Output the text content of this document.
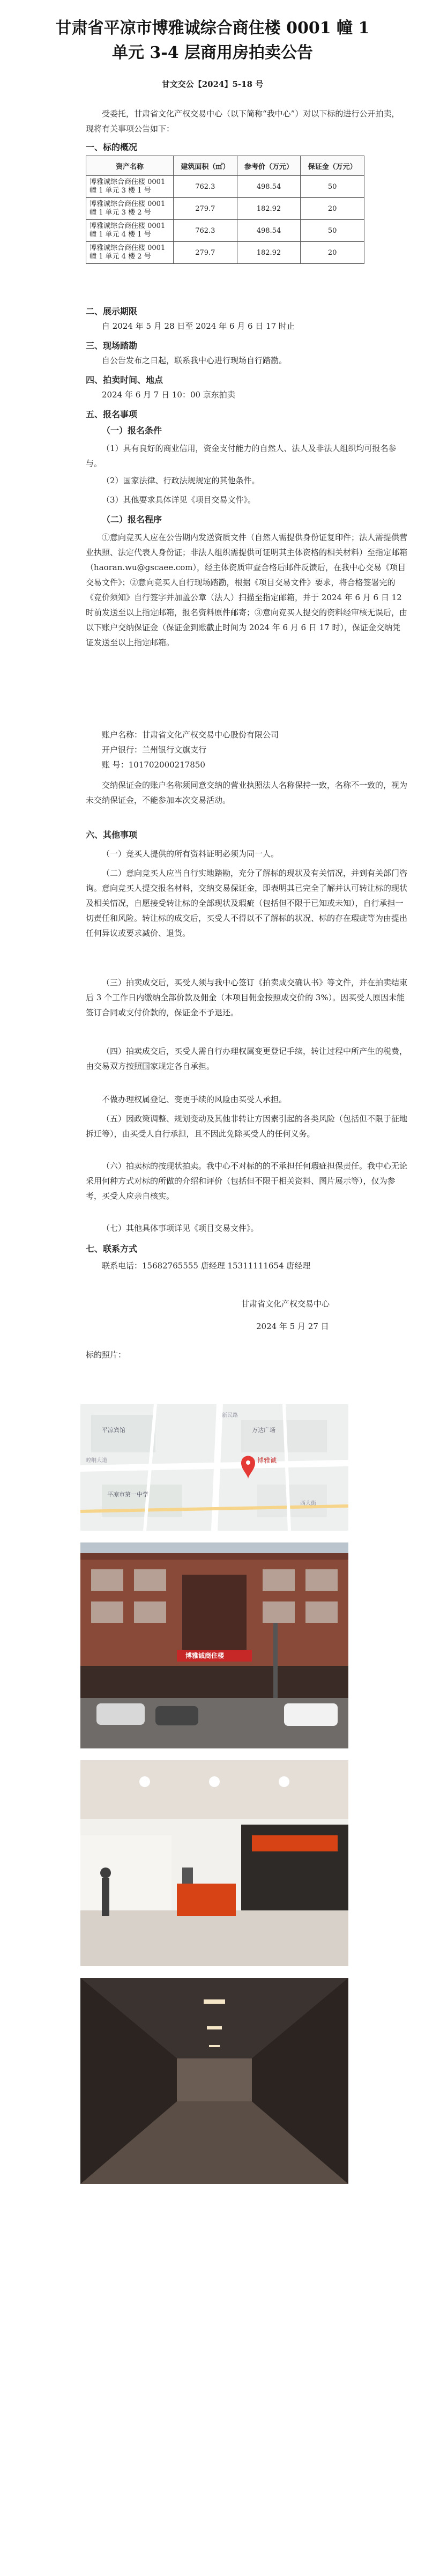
甘肃省平凉市博雅诚综合商住楼 0001 幢 1
单元 3-4 层商用房拍卖公告
甘文交公【2024】5-18 号
受委托，甘肃省文化产权交易中心（以下简称“我中心”）对以下标的进行公开拍卖，现将有关事项公告如下：
一、标的概况
资产名称	建筑面积（㎡）	参考价（万元）	保证金（万元）
博雅诚综合商住楼 0001 幢 1 单元 3 楼 1 号	762.3	498.54	50
博雅诚综合商住楼 0001 幢 1 单元 3 楼 2 号	279.7	182.92	20
博雅诚综合商住楼 0001 幢 1 单元 4 楼 1 号	762.3	498.54	50
博雅诚综合商住楼 0001 幢 1 单元 4 楼 2 号	279.7	182.92	20
二、展示期限
自 2024 年 5 月 28 日至 2024 年 6 月 6 日 17 时止
三、现场踏勘
自公告发布之日起，联系我中心进行现场自行踏勘。
四、拍卖时间、地点
2024 年 6 月 7 日 10：00 京东拍卖
五、报名事项
（一）报名条件
（1）具有良好的商业信用，资金支付能力的自然人、法人及非法人组织均可报名参与。
（2）国家法律、行政法规规定的其他条件。
（3）其他要求具体详见《项目交易文件》。
（二）报名程序
①意向竞买人应在公告期内发送资质文件（自然人需提供身份证复印件；法人需提供营业执照、法定代表人身份证；非法人组织需提供可证明其主体资格的相关材料）至指定邮箱（haoran.wu@gscaee.com），经主体资质审查合格后邮件反馈后，在我中心交易《项目交易文件》；②意向竞买人自行现场踏勘，根据《项目交易文件》要求，将合格签署完的《竞价须知》自行签字并加盖公章（法人）扫描至指定邮箱，并于 2024 年 6 月 6 日 12 时前发送至以上指定邮箱，报名资料原件邮寄；③意向竞买人提交的资料经审核无误后，由以下账户交纳保证金（保证金到账截止时间为 2024 年 6 月 6 日 17 时），保证金交纳凭证发送至以上指定邮箱。
账户名称：甘肃省文化产权交易中心股份有限公司
开户银行：兰州银行文旗支行
账 号：101702000217850
交纳保证金的账户名称须同意交纳的营业执照法人名称保持一致，名称不一致的，视为未交纳保证金，不能参加本次交易活动。
六、其他事项
（一）竞买人提供的所有资料证明必须为同一人。
（二）意向竞买人应当自行实地踏勘，充分了解标的现状及有关情况，并到有关部门咨询。意向竞买人提交报名材料，交纳交易保证金，即表明其已完全了解并认可转让标的现状及相关情况，自愿接受转让标的全部现状及瑕疵（包括但不限于已知或未知），自行承担一切责任和风险。转让标的成交后，买受人不得以不了解标的状况、标的存在瑕疵等为由提出任何异议或要求减价、退货。
（三）拍卖成交后，买受人须与我中心签订《拍卖成交确认书》等文件，并在拍卖结束后 3 个工作日内缴纳全部价款及佣金（本项目佣金按照成交价的 3%）。因买受人原因未能签订合同或支付价款的，保证金不予退还。
（四）拍卖成交后，买受人需自行办理权属变更登记手续，转让过程中所产生的税费，由交易双方按照国家规定各自承担。
不做办理权属登记、变更手续的风险由买受人承担。
（五）因政策调整、规划变动及其他非转让方因素引起的各类风险（包括但不限于征地拆迁等），由买受人自行承担，且不因此免除买受人的任何义务。
（六）拍卖标的按现状拍卖。我中心不对标的的不承担任何瑕疵担保责任。我中心无论采用何种方式对标的所做的介绍和评价（包括但不限于相关资料、图片展示等），仅为参考，买受人应亲自核实。
（七）其他具体事项详见《项目交易文件》。
七、联系方式
联系电话：15682765555 唐经理 15311111654 唐经理
甘肃省文化产权交易中心
2024 年 5 月 27 日
标的照片：
博雅诚
万达广场
平凉市第一中学
平凉宾馆
崆峒大道
新民路
西大街
博雅诚商住楼
